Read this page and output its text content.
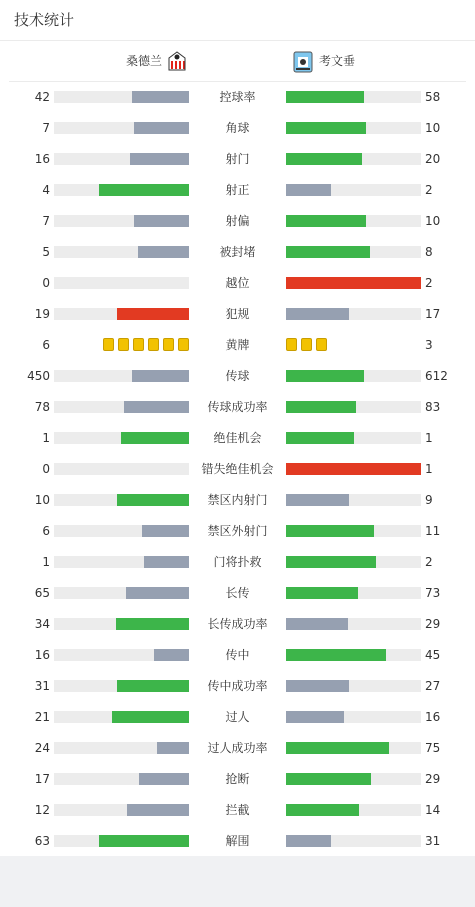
技术统计
桑德兰	考文垂
42	控球率	58
7	角球	10
16	射门	20
4	射正	2
7	射偏	10
5	被封堵	8
0	越位	2
19	犯规	17
6	黄牌	3
450	传球	612
78	传球成功率	83
1	绝佳机会	1
0	错失绝佳机会	1
10	禁区内射门	9
6	禁区外射门	11
1	门将扑救	2
65	长传	73
34	长传成功率	29
16	传中	45
31	传中成功率	27
21	过人	16
24	过人成功率	75
17	抢断	29
12	拦截	14
63	解围	31
